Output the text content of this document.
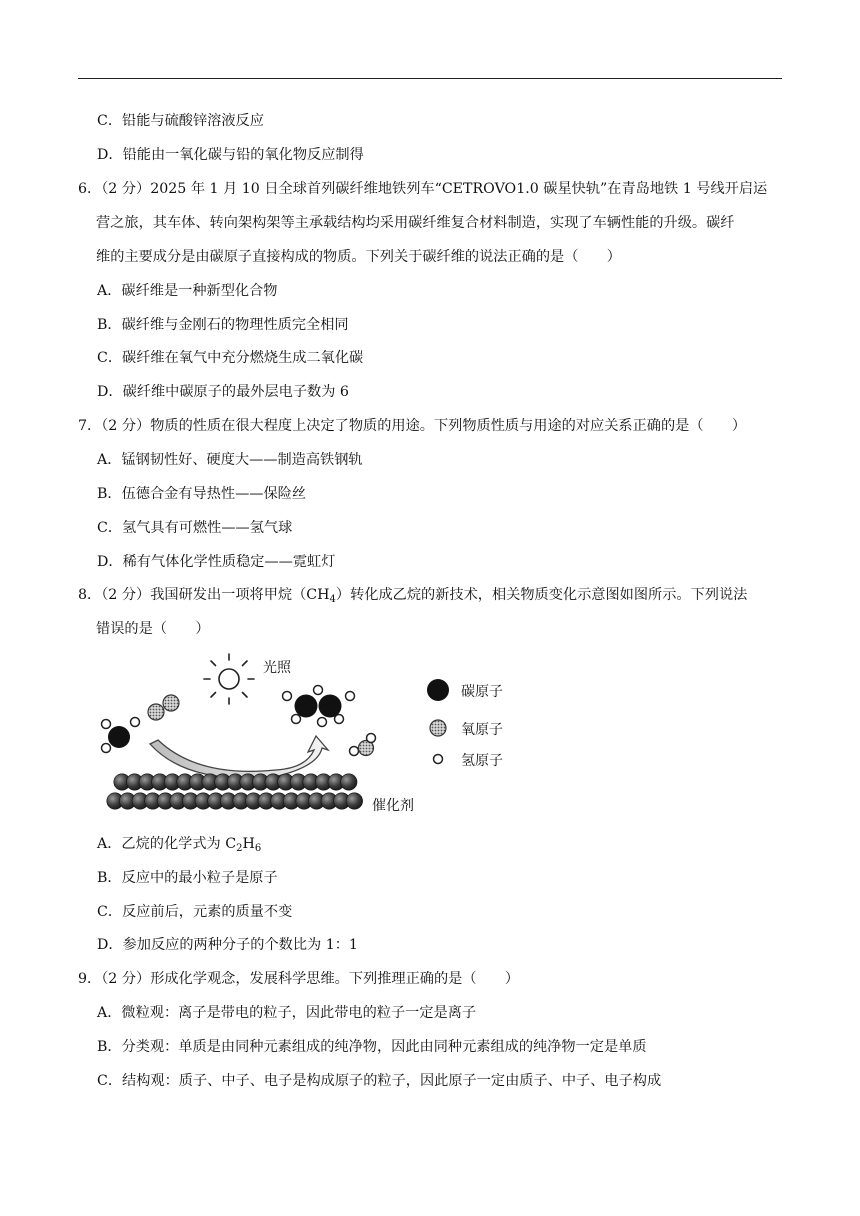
C．铅能与硫酸锌溶液反应
D．铅能由一氧化碳与铅的氧化物反应制得
6．（2 分）2025 年 1 月 10 日全球首列碳纤维地铁列车“CETROVO1.0 碳星快轨”在青岛地铁 1 号线开启运
营之旅，其车体、转向架构架等主承载结构均采用碳纤维复合材料制造，实现了车辆性能的升级。碳纤
维的主要成分是由碳原子直接构成的物质。下列关于碳纤维的说法正确的是（　　）
A．碳纤维是一种新型化合物
B．碳纤维与金刚石的物理性质完全相同
C．碳纤维在氧气中充分燃烧生成二氧化碳
D．碳纤维中碳原子的最外层电子数为 6
7．（2 分）物质的性质在很大程度上决定了物质的用途。下列物质性质与用途的对应关系正确的是（　　）
A．锰钢韧性好、硬度大——制造高铁钢轨
B．伍德合金有导热性——保险丝
C．氢气具有可燃性——氢气球
D．稀有气体化学性质稳定——霓虹灯
8．（2 分）我国研发出一项将甲烷$(CH_4)$转化成乙烷的新技术，相关物质变化示意图如图所示。下列说法
错误的是（　　）
光照
催化剂
碳原子
氧原子
氢原子
A．乙烷的化学式为 $C_2H_6$
B．反应中的最小粒子是原子
C．反应前后，元素的质量不变
D．参加反应的两种分子的个数比为 1：1
9．（2 分）形成化学观念，发展科学思维。下列推理正确的是（　　）
A．微粒观：离子是带电的粒子，因此带电的粒子一定是离子
B．分类观：单质是由同种元素组成的纯净物，因此由同种元素组成的纯净物一定是单质
C．结构观：质子、中子、电子是构成原子的粒子，因此原子一定由质子、中子、电子构成
